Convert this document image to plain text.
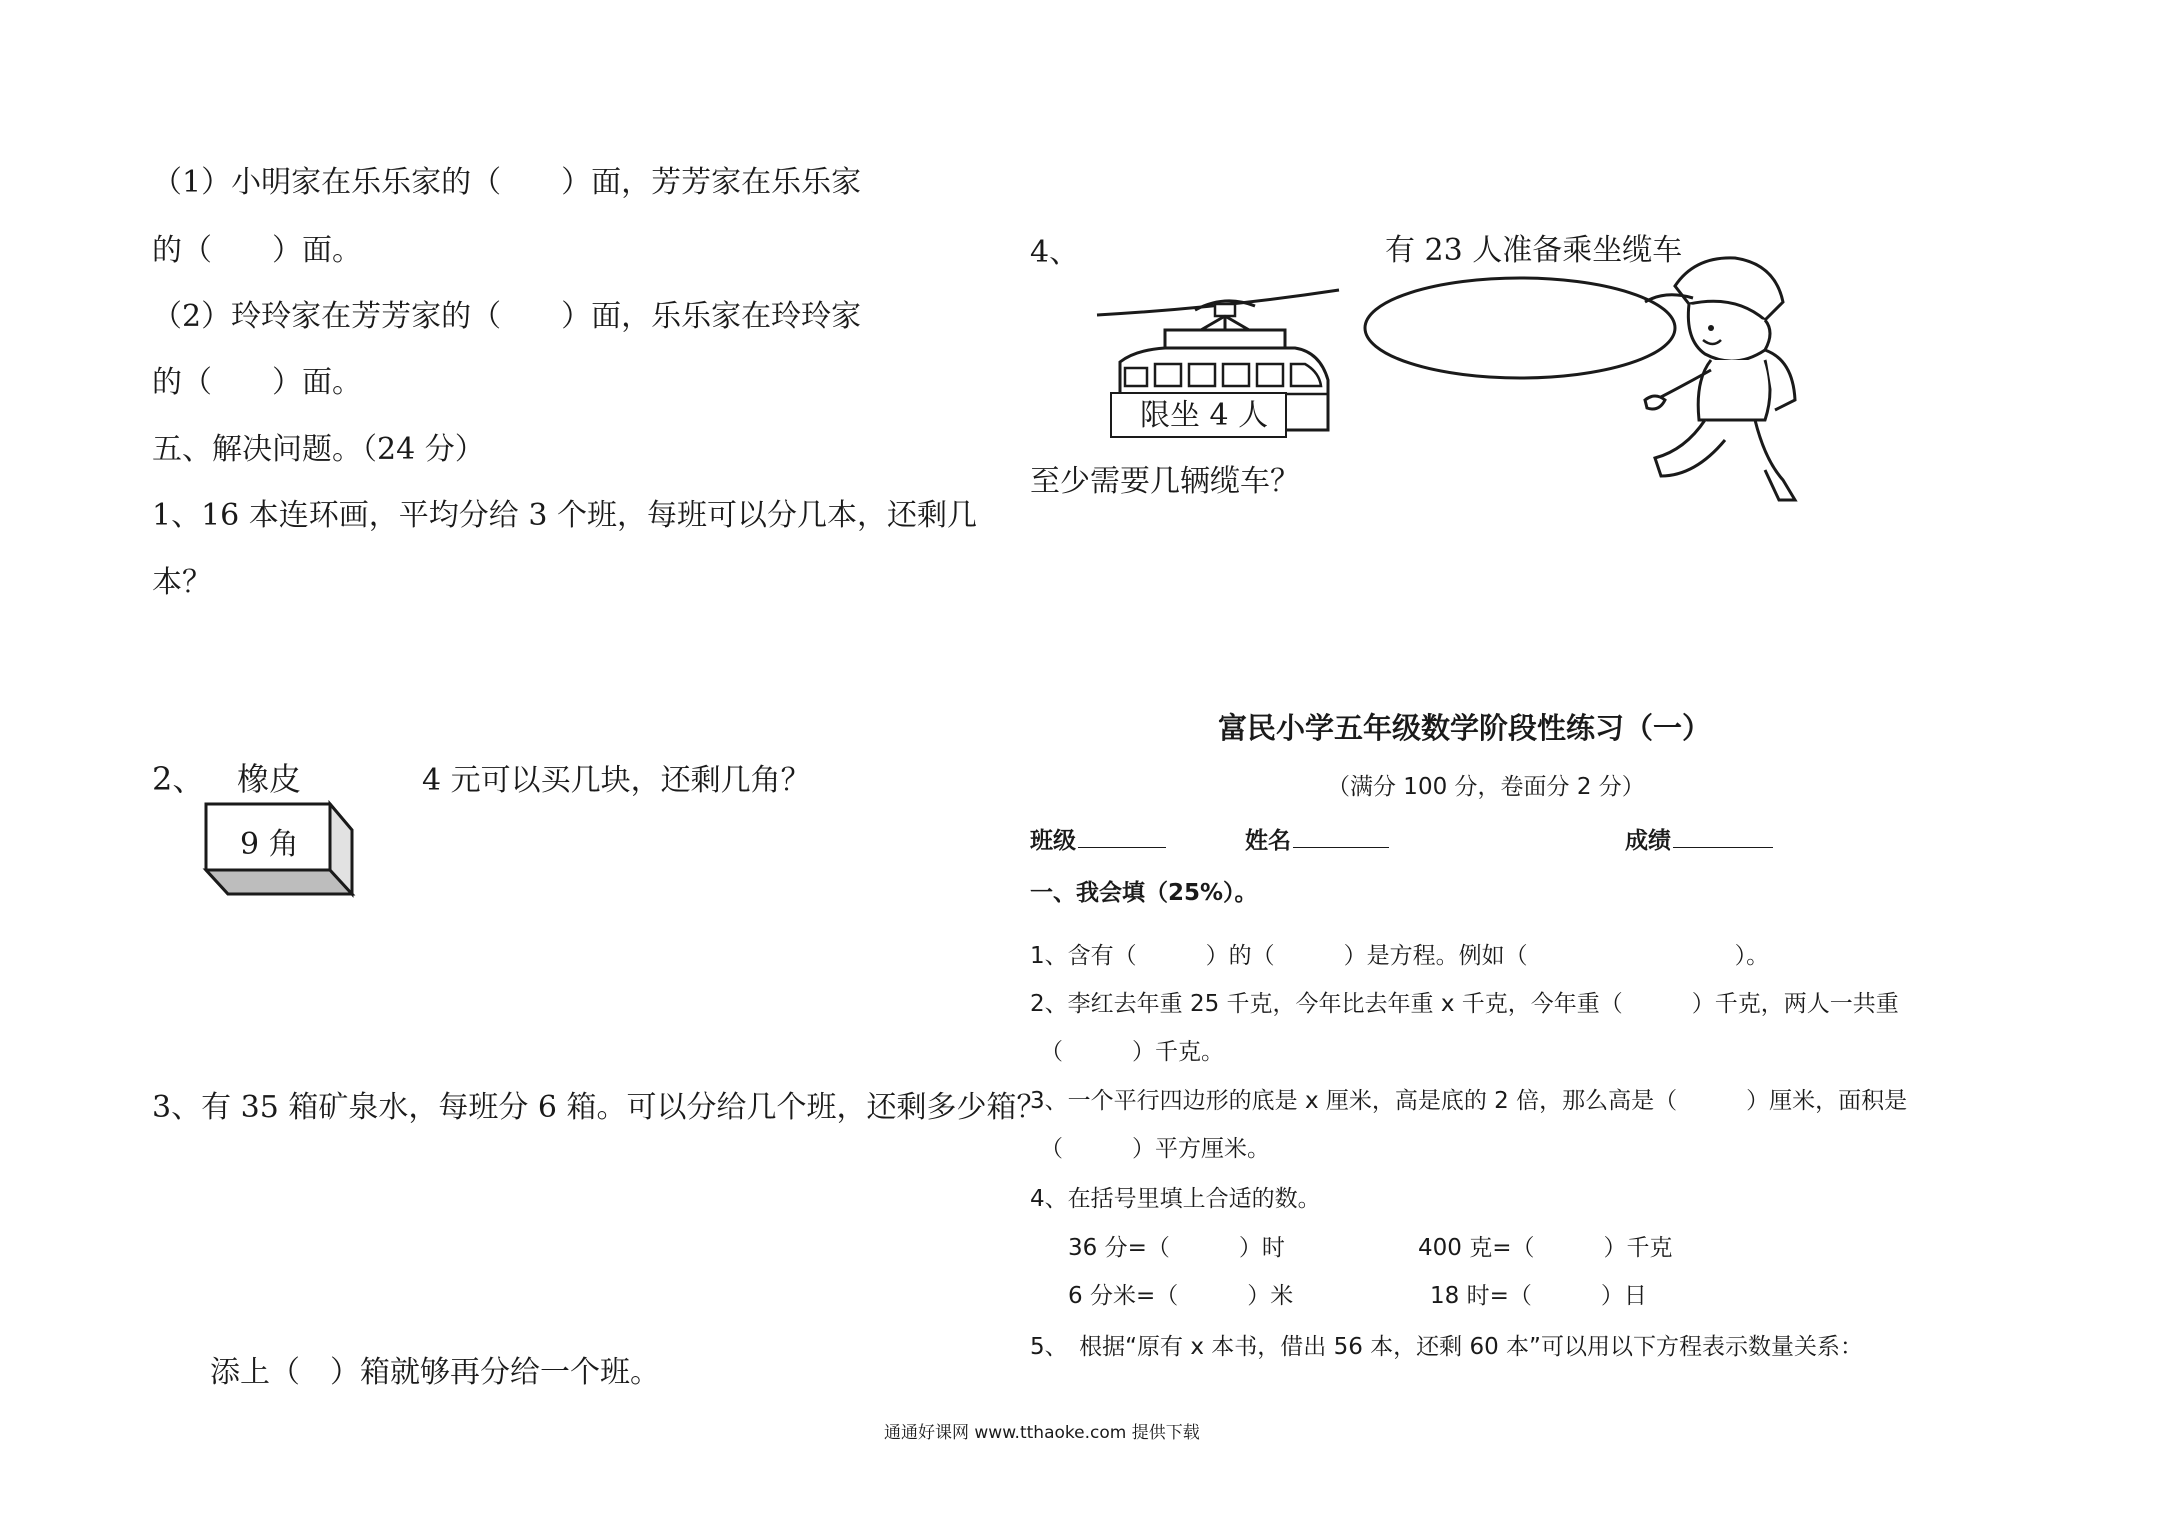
（1）小明家在乐乐家的（　　）面，芳芳家在乐乐家
的（　　）面。
（2）玲玲家在芳芳家的（　　）面，乐乐家在玲玲家
的（　　）面。
五、解决问题。（24 分）
1、16 本连环画，平均分给 3 个班，每班可以分几本，还剩几
本？
2、 橡皮	4 元可以买几块，还剩几角？
9 角
3、有 35 箱矿泉水，每班分 6 箱。可以分给几个班，还剩多少箱？
添上（　）箱就够再分给一个班。
4、	有 23 人准备乘坐缆车
限坐 4 人
至少需要几辆缆车？
富民小学五年级数学阶段性练习（一）
（满分 100 分，卷面分 2 分）
班级	姓名	成绩
一、我会填（25%）。
1、含有（　　　）的（　　　）是方程。例如（　　　　　　　　　）。
2、李红去年重 25 千克，今年比去年重 x 千克，今年重（　　　）千克，两人一共重
（　　　）千克。
3、一个平行四边形的底是 x 厘米，高是底的 2 倍，那么高是（　　　）厘米，面积是
（　　　）平方厘米。
4、在括号里填上合适的数。
36 分=（　　　）时	400 克=（　　　）千克
6 分米=（　　　）米	18 时=（　　　）日
5、　根据“原有 x 本书，借出 56 本，还剩 60 本”可以用以下方程表示数量关系：
通通好课网 www.tthaoke.com 提供下载
